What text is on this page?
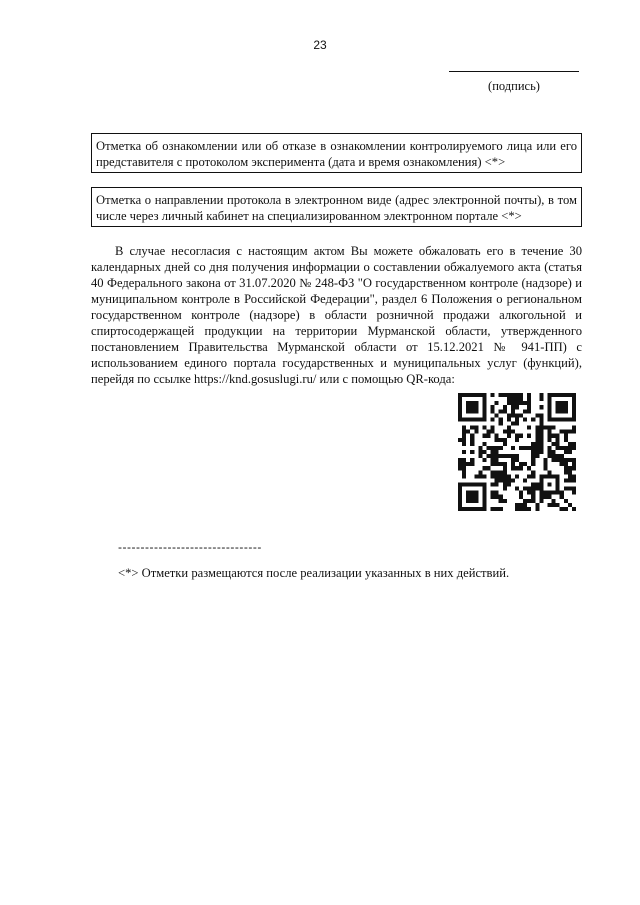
23
(подпись)
Отметка об ознакомлении или об отказе в ознакомлении контролируемого лица или его представителя с протоколом эксперимента (дата и время ознакомления) <*>
Отметка о направлении протокола в электронном виде (адрес электронной почты), в том числе через личный кабинет на специализированном электронном портале <*>

В случае несогласия с настоящим актом Вы можете обжаловать его в течение 30 календарных дней со дня получения информации о составлении обжалуемого акта (статья 40 Федерального закона от 31.07.2020 № 248-ФЗ "О государственном контроле (надзоре) и муниципальном контроле в Российской Федерации", раздел 6 Положения о региональном государственном контроле (надзоре) в области розничной продажи алкогольной и спиртосодержащей продукции на территории Мурманской области, утвержденного постановлением Правительства Мурманской области от 15.12.2021 № 941-ПП) с использованием единого портала государственных и муниципальных услуг (функций), перейдя по ссылке https://knd.gosuslugi.ru/ или с помощью QR-кода:

--------------------------------
<*> Отметки размещаются после реализации указанных в них действий.
